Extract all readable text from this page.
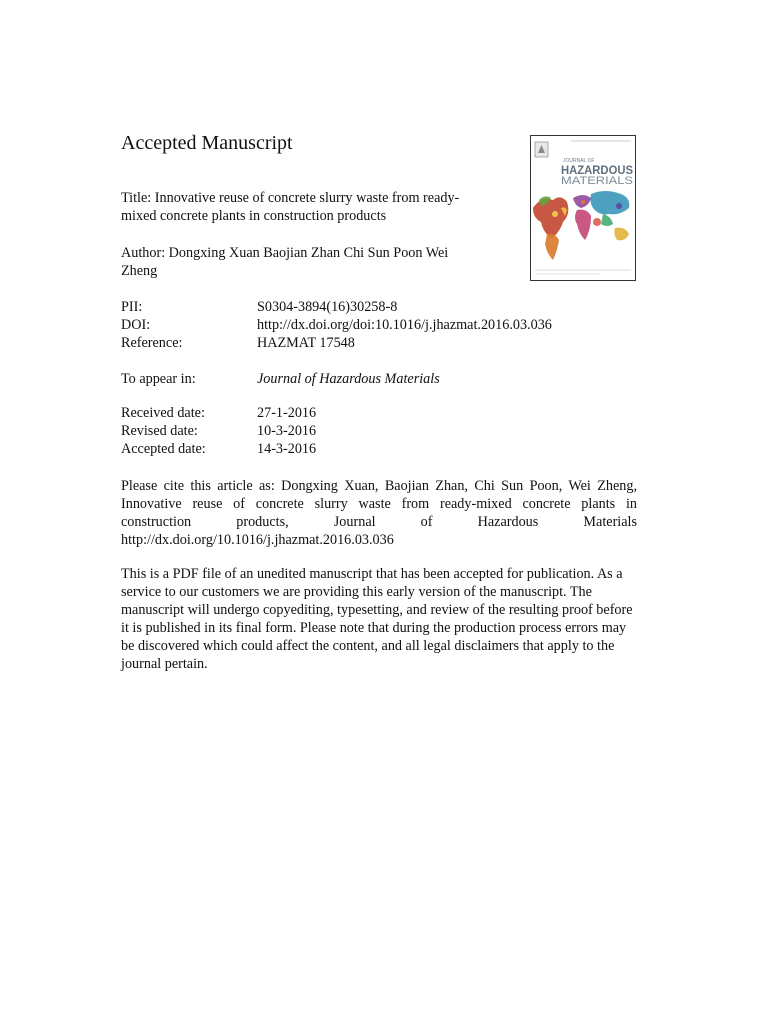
Accepted Manuscript
Title: Innovative reuse of concrete slurry waste from ready-mixed concrete plants in construction products
Author: Dongxing Xuan Baojian Zhan Chi Sun Poon Wei Zheng
PII:	S0304-3894(16)30258-8
DOI:	http://dx.doi.org/doi:10.1016/j.jhazmat.2016.03.036
Reference:	HAZMAT 17548
To appear in:	Journal of Hazardous Materials
Received date:	27-1-2016
Revised date:	10-3-2016
Accepted date:	14-3-2016
Please cite this article as: Dongxing Xuan, Baojian Zhan, Chi Sun Poon, Wei Zheng, Innovative reuse of concrete slurry waste from ready-mixed concrete plants in construction products, Journal of Hazardous Materials http://dx.doi.org/10.1016/j.jhazmat.2016.03.036
This is a PDF file of an unedited manuscript that has been accepted for publication. As a service to our customers we are providing this early version of the manuscript. The manuscript will undergo copyediting, typesetting, and review of the resulting proof before it is published in its final form. Please note that during the production process errors may be discovered which could affect the content, and all legal disclaimers that apply to the journal pertain.
JOURNAL OF
HAZARDOUS
MATERIALS
